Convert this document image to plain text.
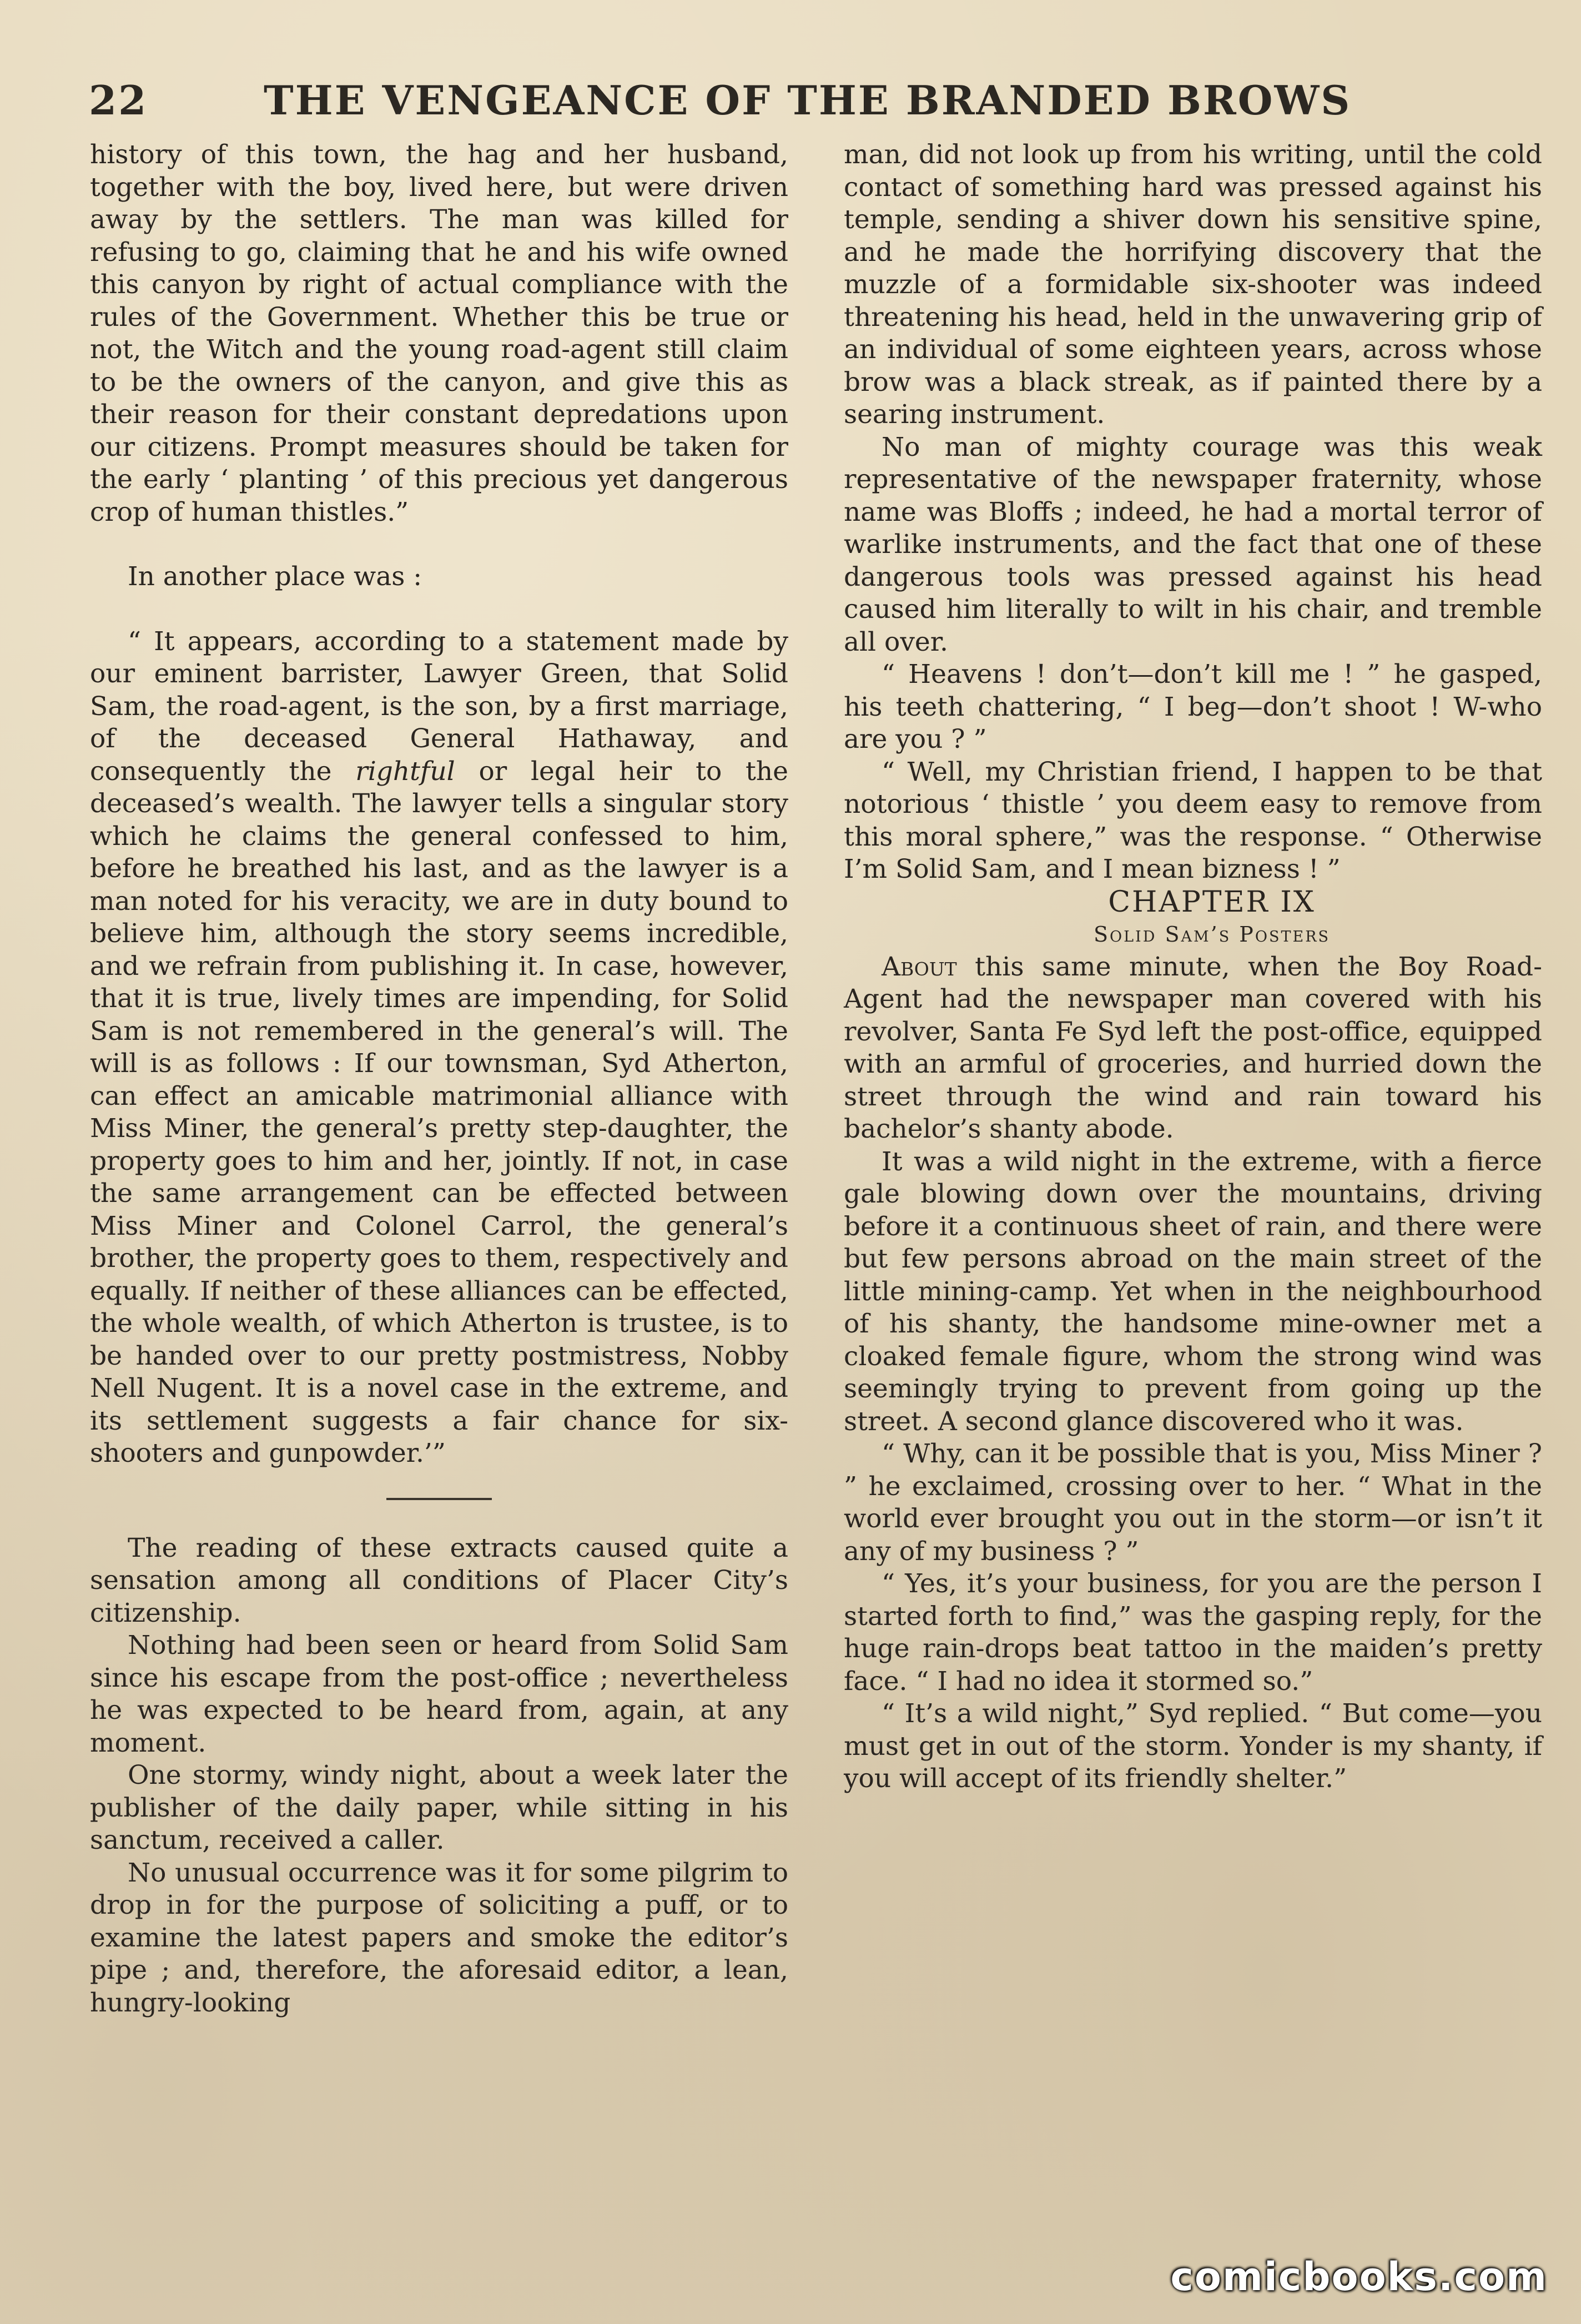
22	THE VENGEANCE OF THE BRANDED BROWS

history of this town, the hag and her husband, together with the boy, lived here, but were driven away by the settlers. The man was killed for refusing to go, claiming that he and his wife owned this canyon by right of actual compliance with the rules of the Government. Whether this be true or not, the Witch and the young road-agent still claim to be the owners of the canyon, and give this as their reason for their constant depredations upon our citizens. Prompt measures should be taken for the early ‘ planting ’ of this precious yet dangerous crop of human thistles.”

In another place was :

“ It appears, according to a statement made by our eminent barrister, Lawyer Green, that Solid Sam, the road-agent, is the son, by a first marriage, of the deceased General Hathaway, and consequently the rightful or legal heir to the deceased’s wealth. The lawyer tells a singular story which he claims the general confessed to him, before he breathed his last, and as the lawyer is a man noted for his veracity, we are in duty bound to believe him, although the story seems incredible, and we refrain from publishing it. In case, however, that it is true, lively times are impending, for Solid Sam is not remembered in the general’s will. The will is as follows : If our townsman, Syd Atherton, can effect an amicable matrimonial alliance with Miss Miner, the general’s pretty step-daughter, the property goes to him and her, jointly. If not, in case the same arrangement can be effected between Miss Miner and Colonel Carrol, the general’s brother, the property goes to them, respectively and equally. If neither of these alliances can be effected, the whole wealth, of which Atherton is trustee, is to be handed over to our pretty postmistress, Nobby Nell Nugent. It is a novel case in the extreme, and its settlement suggests a fair chance for six-shooters and gunpowder.’”

The reading of these extracts caused quite a sensation among all conditions of Placer City’s citizenship.

Nothing had been seen or heard from Solid Sam since his escape from the post-office ; nevertheless he was expected to be heard from, again, at any moment.

One stormy, windy night, about a week later the publisher of the daily paper, while sitting in his sanctum, received a caller.

No unusual occurrence was it for some pilgrim to drop in for the purpose of soliciting a puff, or to examine the latest papers and smoke the editor’s pipe ; and, therefore, the aforesaid editor, a lean, hungry-looking

man, did not look up from his writing, until the cold contact of something hard was pressed against his temple, sending a shiver down his sensitive spine, and he made the horrifying discovery that the muzzle of a formidable six-shooter was indeed threatening his head, held in the unwavering grip of an individual of some eighteen years, across whose brow was a black streak, as if painted there by a searing instrument.

No man of mighty courage was this weak representative of the newspaper fraternity, whose name was Bloffs ; indeed, he had a mortal terror of warlike instruments, and the fact that one of these dangerous tools was pressed against his head caused him literally to wilt in his chair, and tremble all over.

“ Heavens ! don’t—don’t kill me ! ” he gasped, his teeth chattering, “ I beg—don’t shoot ! W-who are you ? ”

“ Well, my Christian friend, I happen to be that notorious ‘ thistle ’ you deem easy to remove from this moral sphere,” was the response. “ Otherwise I’m Solid Sam, and I mean bizness ! ”

CHAPTER IX

Solid Sam’s Posters

About this same minute, when the Boy Road-Agent had the newspaper man covered with his revolver, Santa Fe Syd left the post-office, equipped with an armful of groceries, and hurried down the street through the wind and rain toward his bachelor’s shanty abode.

It was a wild night in the extreme, with a fierce gale blowing down over the mountains, driving before it a continuous sheet of rain, and there were but few persons abroad on the main street of the little mining-camp. Yet when in the neighbourhood of his shanty, the handsome mine-owner met a cloaked female figure, whom the strong wind was seemingly trying to prevent from going up the street. A second glance discovered who it was.

“ Why, can it be possible that is you, Miss Miner ? ” he exclaimed, crossing over to her. “ What in the world ever brought you out in the storm—or isn’t it any of my business ? ”

“ Yes, it’s your business, for you are the person I started forth to find,” was the gasping reply, for the huge rain-drops beat tattoo in the maiden’s pretty face. “ I had no idea it stormed so.”

“ It’s a wild night,” Syd replied. “ But come—you must get in out of the storm. Yonder is my shanty, if you will accept of its friendly shelter.”

comicbooks.com
